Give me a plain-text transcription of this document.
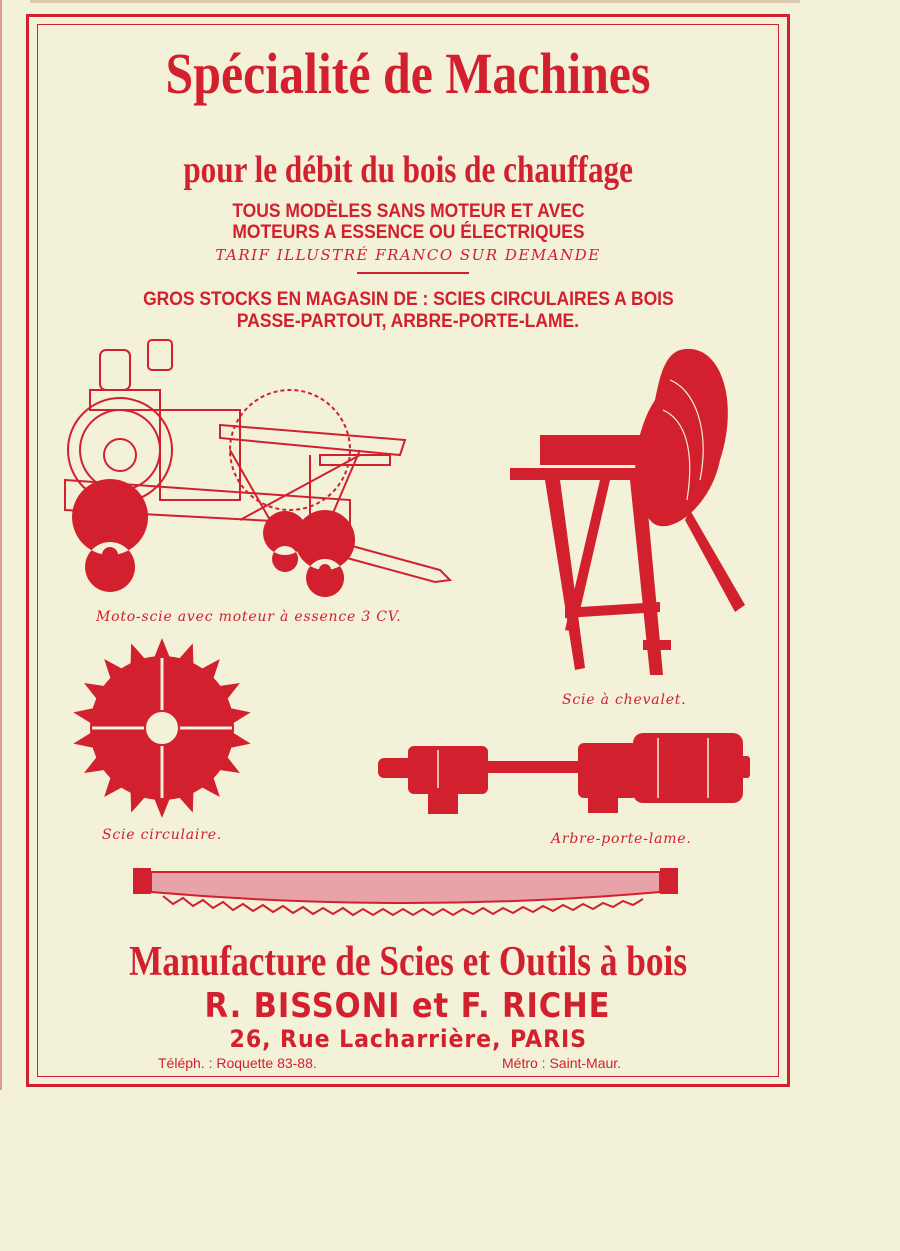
Spécialité de Machines
pour le débit du bois de chauffage
TOUS MODÈLES SANS MOTEUR ET AVEC
MOTEURS A ESSENCE OU ÉLECTRIQUES
TARIF ILLUSTRÉ FRANCO SUR DEMANDE
GROS STOCKS EN MAGASIN DE : SCIES CIRCULAIRES A BOIS
PASSE-PARTOUT, ARBRE-PORTE-LAME.
Moto-scie avec moteur à essence 3 CV.
Scie à chevalet.
Scie circulaire.	Arbre-porte-lame.
Manufacture de Scies et Outils à bois
R. BISSONI et F. RICHE
26, Rue Lacharrière, PARIS
Téléph. : Roquette 83-88.	Métro : Saint-Maur.
